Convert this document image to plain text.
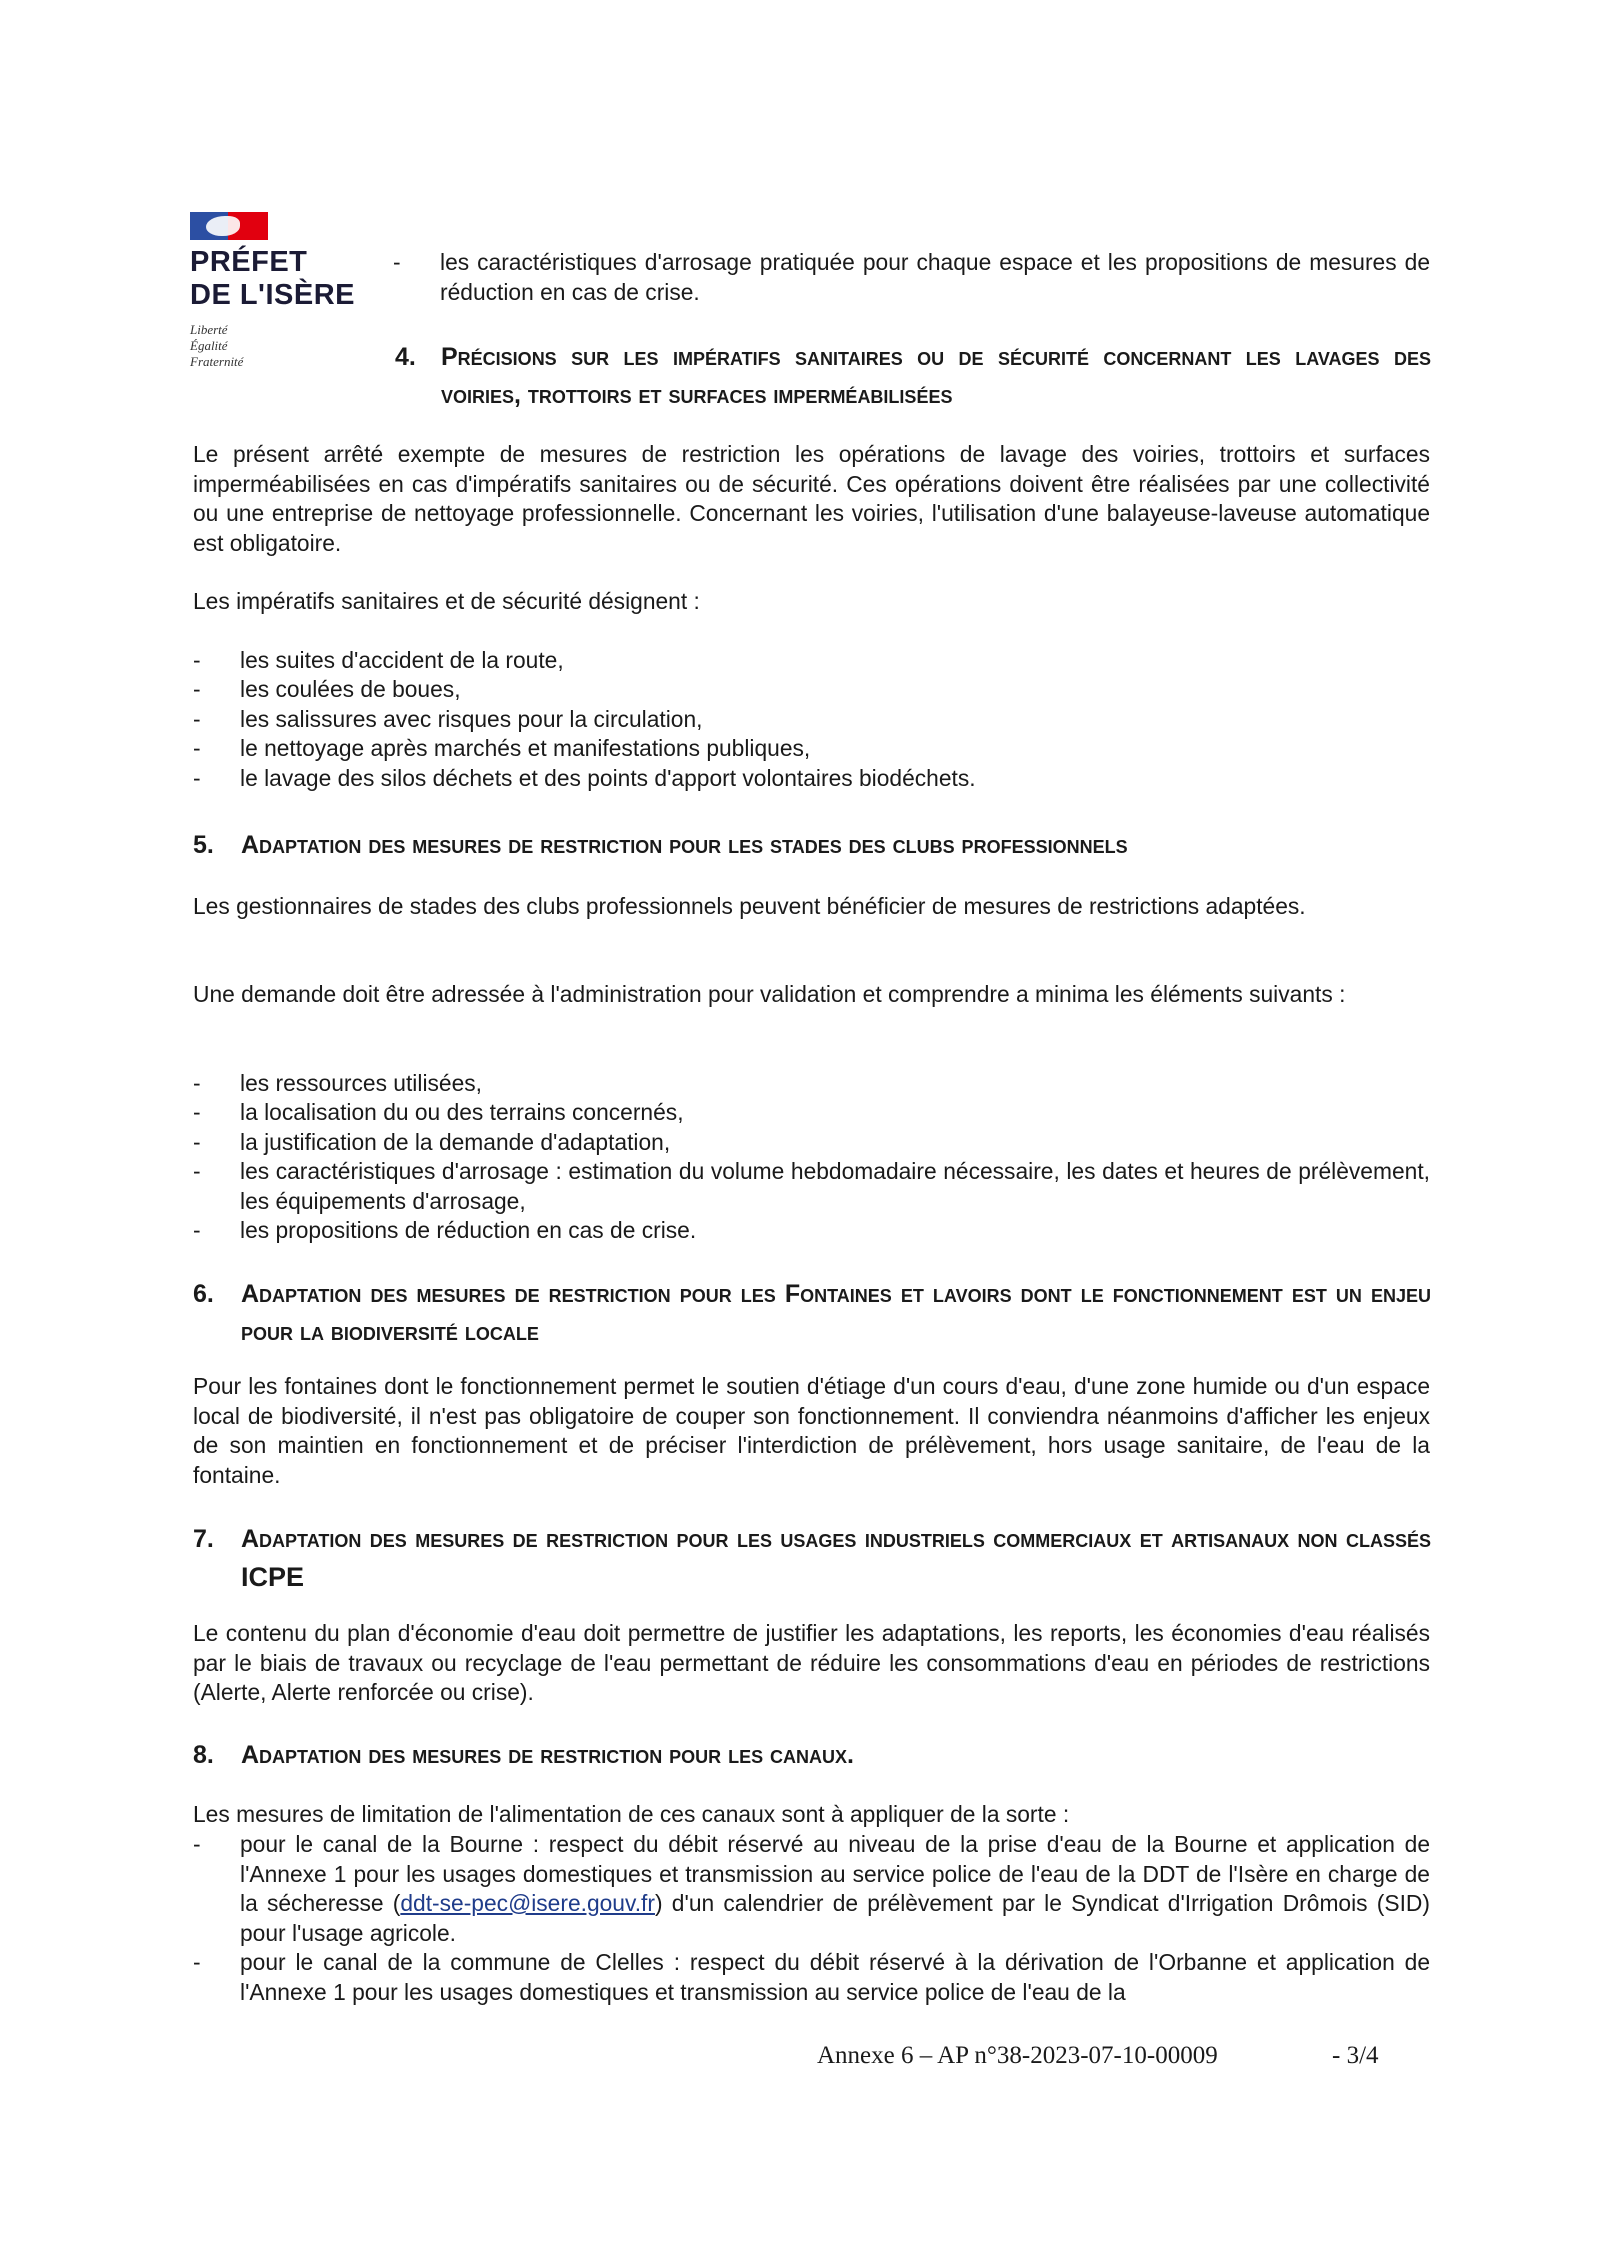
PRÉFET
DE L'ISÈRE
Liberté
Égalité
Fraternité
- les caractéristiques d'arrosage pratiquée pour chaque espace et les propositions de mesures de réduction en cas de crise.
4. Précisions sur les impératifs sanitaires ou de sécurité concernant les lavages des voiries, trottoirs et surfaces imperméabilisées
Le présent arrêté exempte de mesures de restriction les opérations de lavage des voiries, trottoirs et surfaces imperméabilisées en cas d'impératifs sanitaires ou de sécurité. Ces opérations doivent être réalisées par une collectivité ou une entreprise de nettoyage professionnelle. Concernant les voiries, l'utilisation d'une balayeuse-laveuse automatique est obligatoire.
Les impératifs sanitaires et de sécurité désignent :
- les suites d'accident de la route,
- les coulées de boues,
- les salissures avec risques pour la circulation,
- le nettoyage après marchés et manifestations publiques,
- le lavage des silos déchets et des points d'apport volontaires biodéchets.
5. Adaptation des mesures de restriction pour les stades des clubs professionnels
Les gestionnaires de stades des clubs professionnels peuvent bénéficier de mesures de restrictions adaptées.
Une demande doit être adressée à l'administration pour validation et comprendre a minima les éléments suivants :
- les ressources utilisées,
- la localisation du ou des terrains concernés,
- la justification de la demande d'adaptation,
- les caractéristiques d'arrosage : estimation du volume hebdomadaire nécessaire, les dates et heures de prélèvement, les équipements d'arrosage,
- les propositions de réduction en cas de crise.
6. Adaptation des mesures de restriction pour les Fontaines et lavoirs dont le fonctionnement est un enjeu pour la biodiversité locale
Pour les fontaines dont le fonctionnement permet le soutien d'étiage d'un cours d'eau, d'une zone humide ou d'un espace local de biodiversité, il n'est pas obligatoire de couper son fonctionnement. Il conviendra néanmoins d'afficher les enjeux de son maintien en fonctionnement et de préciser l'interdiction de prélèvement, hors usage sanitaire, de l'eau de la fontaine.
7. Adaptation des mesures de restriction pour les usages industriels commerciaux et artisanaux non classés ICPE
Le contenu du plan d'économie d'eau doit permettre de justifier les adaptations, les reports, les économies d'eau réalisés par le biais de travaux ou recyclage de l'eau permettant de réduire les consommations d'eau en périodes de restrictions (Alerte, Alerte renforcée ou crise).
8. Adaptation des mesures de restriction pour les canaux.
Les mesures de limitation de l'alimentation de ces canaux sont à appliquer de la sorte :
- pour le canal de la Bourne : respect du débit réservé au niveau de la prise d'eau de la Bourne et application de l'Annexe 1 pour les usages domestiques et transmission au service police de l'eau de la DDT de l'Isère en charge de la sécheresse (ddt-se-pec@isere.gouv.fr) d'un calendrier de prélèvement par le Syndicat d'Irrigation Drômois (SID) pour l'usage agricole.
- pour le canal de la commune de Clelles : respect du débit réservé à la dérivation de l'Orbanne et application de l'Annexe 1 pour les usages domestiques et transmission au service police de l'eau de la
Annexe 6 – AP n°38-2023-07-10-00009	- 3/4
